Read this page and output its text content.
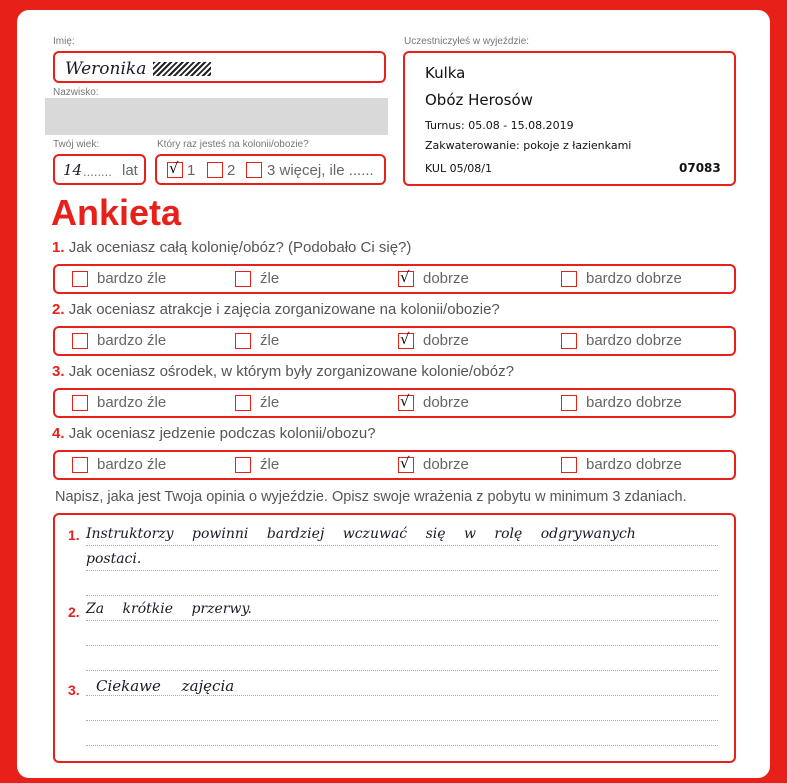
Imię:
Weronika
Nazwisko:
Twój wiek:
14 ........ lat
Który raz jesteś na kolonii/obozie?
√ 1 2 3 więcej, ile ......
Uczestniczyłeś w wyjeździe:
Kulka
Obóz Herosów
Turnus: 05.08 - 15.08.2019
Zakwaterowanie: pokoje z łazienkami
KUL 05/08/1	07083
Ankieta
1. Jak oceniasz całą kolonię/obóz? (Podobało Ci się?)
bardzo źle	źle	√ dobrze	bardzo dobrze
2. Jak oceniasz atrakcje i zajęcia zorganizowane na kolonii/obozie?
bardzo źle	źle	√ dobrze	bardzo dobrze
3. Jak oceniasz ośrodek, w którym były zorganizowane kolonie/obóz?
bardzo źle	źle	√ dobrze	bardzo dobrze
4. Jak oceniasz jedzenie podczas kolonii/obozu?
bardzo źle	źle	√ dobrze	bardzo dobrze
Napisz, jaka jest Twoja opinia o wyjeździe. Opisz swoje wrażenia z pobytu w minimum 3 zdaniach.
1. Instruktorzy powinni bardziej wczuwać się w rolę odgrywanych postaci.
2. Za krótkie przerwy.
3. Ciekawe zajęcia
